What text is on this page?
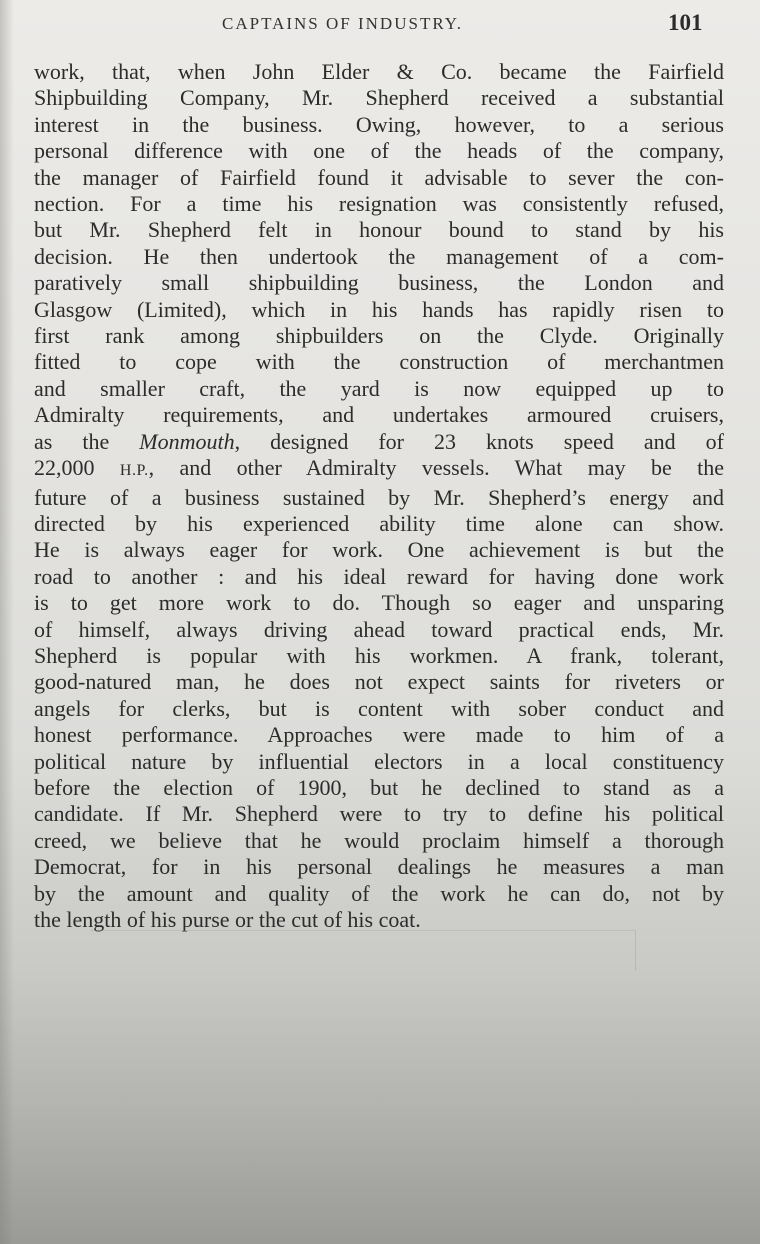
CAPTAINS OF INDUSTRY.	101
work, that, when John Elder & Co. became the Fairfield
Shipbuilding Company, Mr. Shepherd received a substantial
interest in the business. Owing, however, to a serious
personal difference with one of the heads of the company,
the manager of Fairfield found it advisable to sever the con-
nection. For a time his resignation was consistently refused,
but Mr. Shepherd felt in honour bound to stand by his
decision. He then undertook the management of a com-
paratively small shipbuilding business, the London and
Glasgow (Limited), which in his hands has rapidly risen to
first rank among shipbuilders on the Clyde. Originally
fitted to cope with the construction of merchantmen
and smaller craft, the yard is now equipped up to
Admiralty requirements, and undertakes armoured cruisers,
as the Monmouth, designed for 23 knots speed and of
22,000 H.P., and other Admiralty vessels. What may be the
future of a business sustained by Mr. Shepherd’s energy and
directed by his experienced ability time alone can show.
He is always eager for work. One achievement is but the
road to another : and his ideal reward for having done work
is to get more work to do. Though so eager and unsparing
of himself, always driving ahead toward practical ends, Mr.
Shepherd is popular with his workmen. A frank, tolerant,
good-natured man, he does not expect saints for riveters or
angels for clerks, but is content with sober conduct and
honest performance. Approaches were made to him of a
political nature by influential electors in a local constituency
before the election of 1900, but he declined to stand as a
candidate. If Mr. Shepherd were to try to define his political
creed, we believe that he would proclaim himself a thorough
Democrat, for in his personal dealings he measures a man
by the amount and quality of the work he can do, not by
the length of his purse or the cut of his coat.
